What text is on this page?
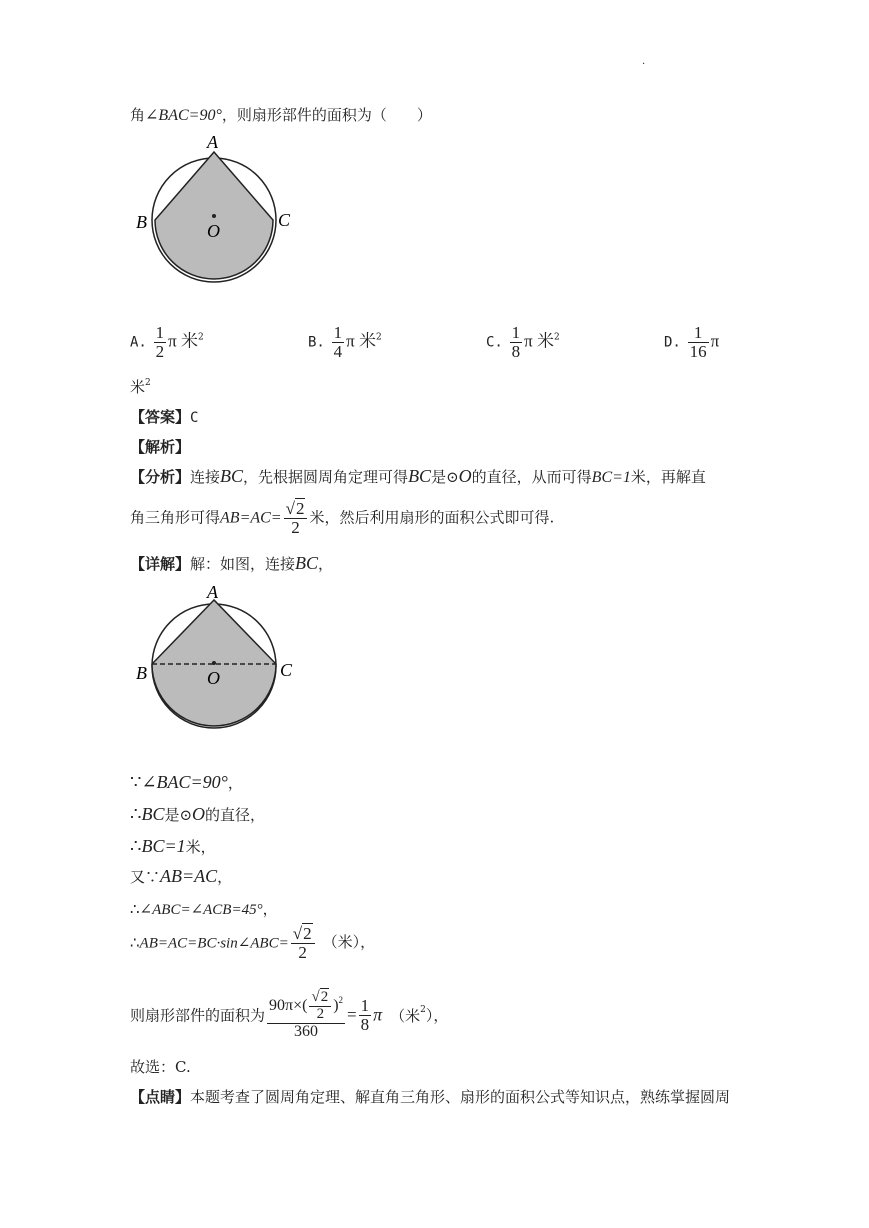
.
角∠BAC=90°，则扇形部件的面积为（　　）
A
B	C
O
A. $\frac{1}{2}$ π 米$^2$	B. $\frac{1}{4}$ π 米$^2$	C. $\frac{1}{8}$ π 米$^2$	D. $\frac{1}{16}$ π
米$^2$
【答案】C
【解析】
【分析】连接BC，先根据圆周角定理可得BC是⊙O的直径，从而可得BC=1米，再解直
角三角形可得$AB=AC= \frac{√2}{2}$ 米，然后利用扇形的面积公式即可得.
【详解】解：如图，连接BC，
A
B	C
O
∵∠BAC=90°，
∴BC是⊙O的直径，
∴BC=1米，
又∵AB=AC，
∴∠ABC=∠ACB=45°，
∴AB=AC=BC·sin∠ABC= $\frac{√2}{2}$ （米），
则扇形部件的面积为 $\frac{90\pi\times( \frac{√2}{2} )^2}{360} = \frac{1}{8}$ π （米$^2$），
故选：C.
【点睛】本题考查了圆周角定理、解直角三角形、扇形的面积公式等知识点，熟练掌握圆周
